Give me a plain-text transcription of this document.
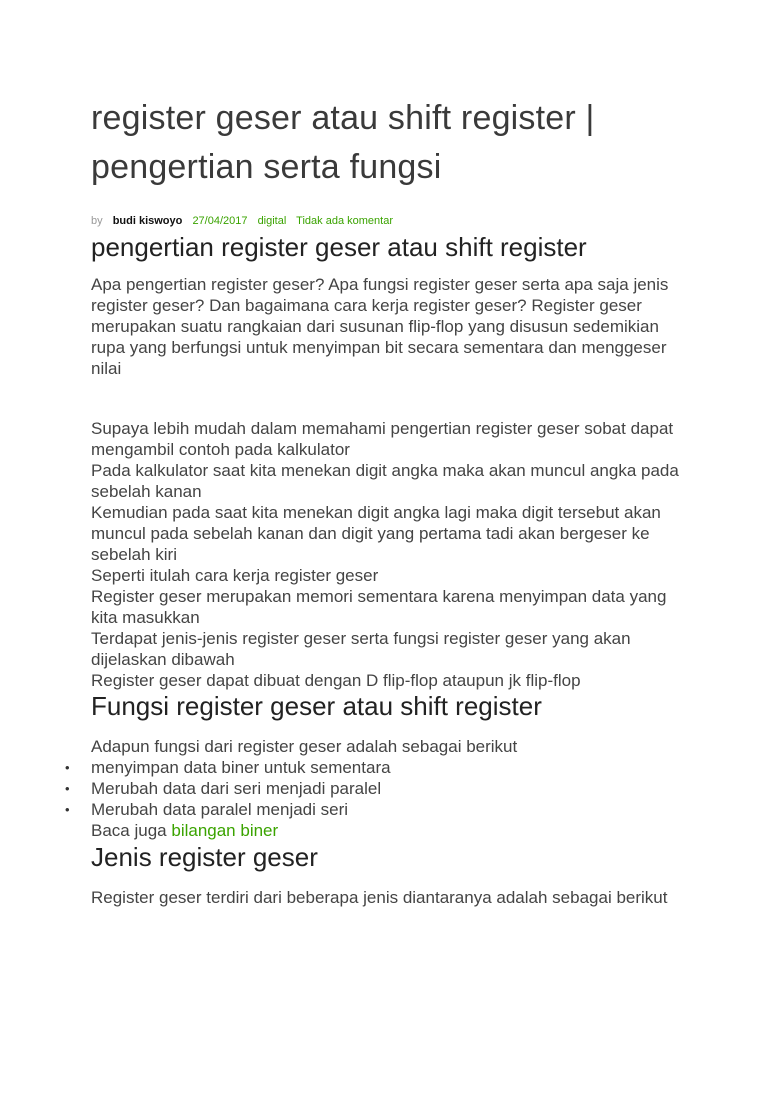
register geser atau shift register | pengertian serta fungsi
by budi kiswoyo 27/04/2017 digital Tidak ada komentar
pengertian register geser atau shift register

Apa pengertian register geser? Apa fungsi register geser serta apa saja jenis register geser? Dan bagaimana cara kerja register geser? Register geser merupakan suatu rangkaian dari susunan flip-flop yang disusun sedemikian rupa yang berfungsi untuk menyimpan bit secara sementara dan menggeser nilai

Supaya lebih mudah dalam memahami pengertian register geser sobat dapat mengambil contoh pada kalkulator

Pada kalkulator saat kita menekan digit angka maka akan muncul angka pada sebelah kanan

Kemudian pada saat kita menekan digit angka lagi maka digit tersebut akan muncul pada sebelah kanan dan digit yang pertama tadi akan bergeser ke sebelah kiri

Seperti itulah cara kerja register geser

Register geser merupakan memori sementara karena menyimpan data yang kita masukkan

Terdapat jenis-jenis register geser serta fungsi register geser yang akan dijelaskan dibawah

Register geser dapat dibuat dengan D flip-flop ataupun jk flip-flop

Fungsi register geser atau shift register

Adapun fungsi dari register geser adalah sebagai berikut

• menyimpan data biner untuk sementara
• Merubah data dari seri menjadi paralel
• Merubah data paralel menjadi seri

Baca juga bilangan biner

Jenis register geser

Register geser terdiri dari beberapa jenis diantaranya adalah sebagai berikut
